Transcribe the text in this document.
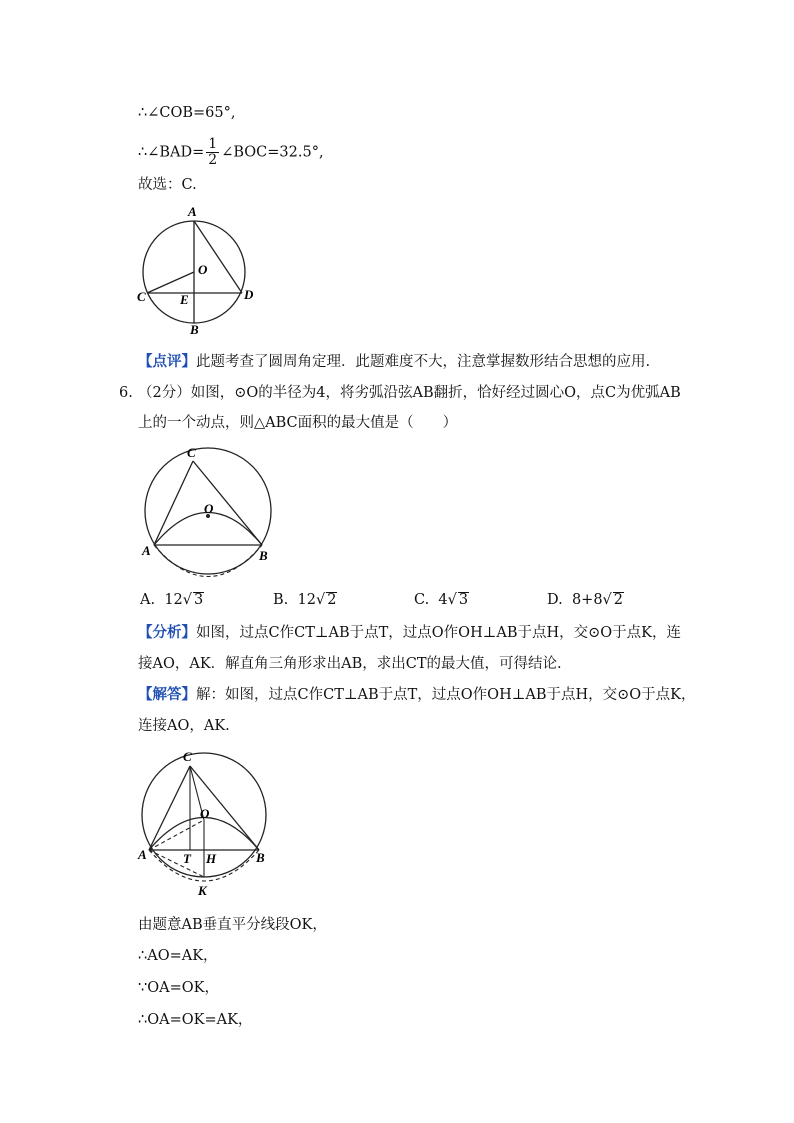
∴∠COB=65°,
∴∠BAD= $\frac{1}{2}$ ∠BOC=32.5°,
故选：C.
A
O
C	E	D
B
【点评】此题考查了圆周角定理．此题难度不大，注意掌握数形结合思想的应用.
6. （2分）如图，⊙O的半径为4，将劣弧沿弦AB翻折，恰好经过圆心O，点C为优弧AB
上的一个动点，则△ABC面积的最大值是（　　）
C
O
A	B
A. 12√ 3	B. 12√ 2	C. 4√ 3	D. 8+8√ 2
【分析】如图，过点C作CT⊥AB于点T，过点O作OH⊥AB于点H，交⊙O于点K，连
接AO，AK．解直角三角形求出AB，求出CT的最大值，可得结论.
【解答】解：如图，过点C作CT⊥AB于点T，过点O作OH⊥AB于点H，交⊙O于点K，
连接AO，AK.
C
O
A	T H	B
K
由题意AB垂直平分线段OK，
∴AO=AK，
∵OA=OK，
∴OA=OK=AK，
